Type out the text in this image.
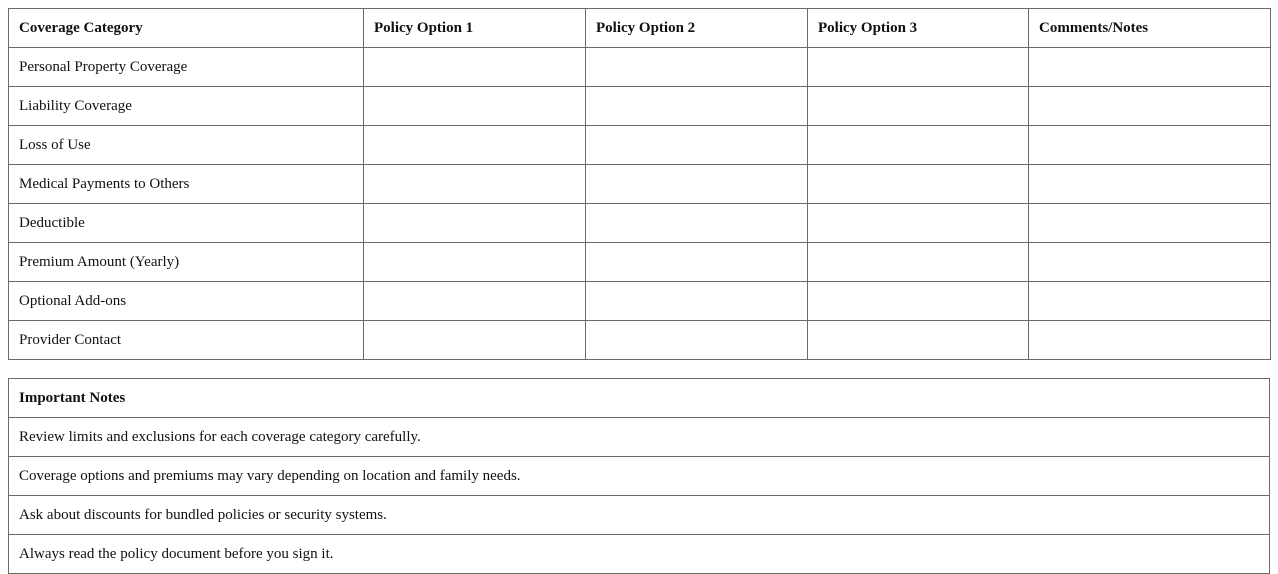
Coverage Category	Policy Option 1	Policy Option 2	Policy Option 3	Comments/Notes
Personal Property Coverage				
Liability Coverage				
Loss of Use				
Medical Payments to Others				
Deductible				
Premium Amount (Yearly)				
Optional Add-ons				
Provider Contact				
Important Notes
Review limits and exclusions for each coverage category carefully.
Coverage options and premiums may vary depending on location and family needs.
Ask about discounts for bundled policies or security systems.
Always read the policy document before you sign it.
